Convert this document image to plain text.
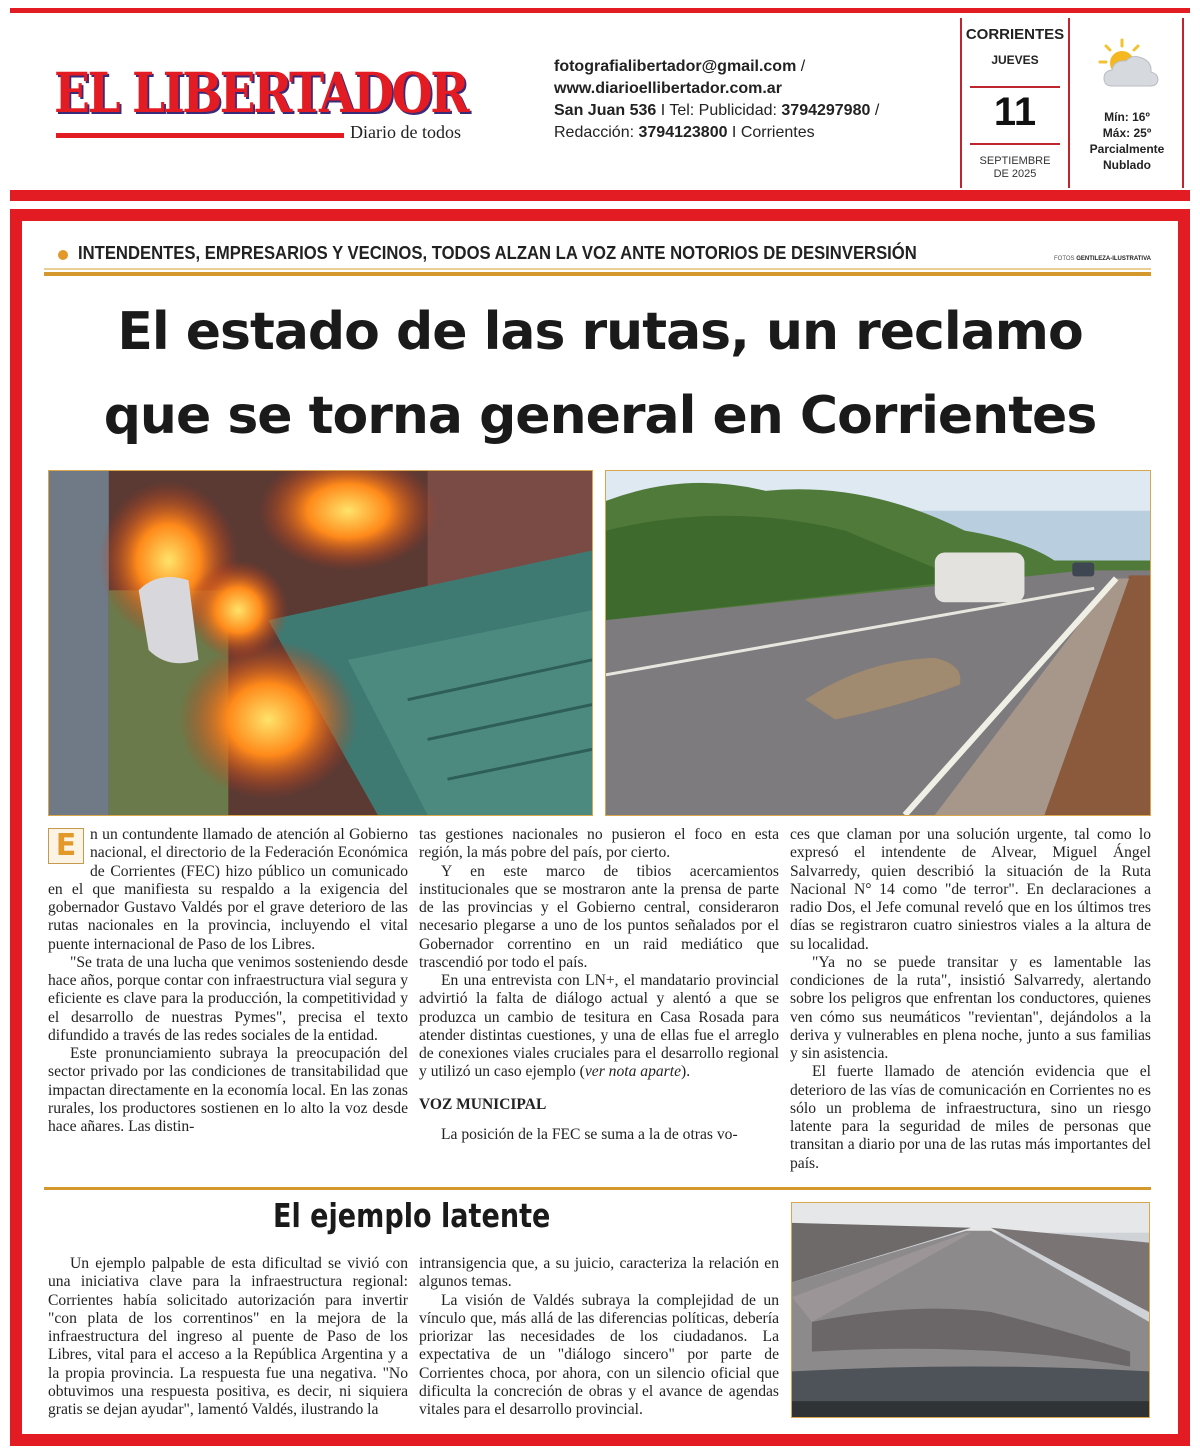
EL LIBERTADOR
Diario de todos
fotografialibertador@gmail.com /
www.diarioellibertador.com.ar
San Juan 536 I Tel: Publicidad: 3794297980 /
Redacción: 3794123800 I Corrientes
CORRIENTES
JUEVES
11
SEPTIEMBRE
DE 2025
Mín: 16º
Máx: 25º
Parcialmente
Nublado
INTENDENTES, EMPRESARIOS Y VECINOS, TODOS ALZAN LA VOZ ANTE NOTORIOS DE DESINVERSIÓN	FOTOS GENTILEZA-ILUSTRATIVA
El estado de las rutas, un reclamo
que se torna general en Corrientes

E n un contundente llamado de atención al Gobierno nacional, el directorio de la Federación Económica de Corrientes (FEC) hizo público un comunicado en el que manifiesta su respaldo a la exigencia del gobernador Gustavo Valdés por el grave deterioro de las rutas nacionales en la provincia, incluyendo el vital puente internacional de Paso de los Libres.

"Se trata de una lucha que venimos sosteniendo desde hace años, porque contar con infraestructura vial segura y eficiente es clave para la producción, la competitividad y el desarrollo de nuestras Pymes", precisa el texto difundido a través de las redes sociales de la entidad.

Este pronunciamiento subraya la preocupación del sector privado por las condiciones de transitabilidad que impactan directamente en la economía local. En las zonas rurales, los productores sostienen en lo alto la voz desde hace añares. Las distin-

tas gestiones nacionales no pusieron el foco en esta región, la más pobre del país, por cierto.

Y en este marco de tibios acercamientos institucionales que se mostraron ante la prensa de parte de las provincias y el Gobierno central, consideraron necesario plegarse a uno de los puntos señalados por el Gobernador correntino en un raid mediático que trascendió por todo el país.

En una entrevista con LN+, el mandatario provincial advirtió la falta de diálogo actual y alentó a que se produzca un cambio de tesitura en Casa Rosada para atender distintas cuestiones, y una de ellas fue el arreglo de conexiones viales cruciales para el desarrollo regional y utilizó un caso ejemplo (ver nota aparte).

VOZ MUNICIPAL

La posición de la FEC se suma a la de otras vo-

ces que claman por una solución urgente, tal como lo expresó el intendente de Alvear, Miguel Ángel Salvarredy, quien describió la situación de la Ruta Nacional N° 14 como "de terror". En declaraciones a radio Dos, el Jefe comunal reveló que en los últimos tres días se registraron cuatro siniestros viales a la altura de su localidad.

"Ya no se puede transitar y es lamentable las condiciones de la ruta", insistió Salvarredy, alertando sobre los peligros que enfrentan los conductores, quienes ven cómo sus neumáticos "revientan", dejándolos a la deriva y vulnerables en plena noche, junto a sus familias y sin asistencia.

El fuerte llamado de atención evidencia que el deterioro de las vías de comunicación en Corrientes no es sólo un problema de infraestructura, sino un riesgo latente para la seguridad de miles de personas que transitan a diario por una de las rutas más importantes del país.

El ejemplo latente

Un ejemplo palpable de esta dificultad se vivió con una iniciativa clave para la infraestructura regional: Corrientes había solicitado autorización para invertir "con plata de los correntinos" en la mejora de la infraestructura del ingreso al puente de Paso de los Libres, vital para el acceso a la República Argentina y a la propia provincia. La respuesta fue una negativa. "No obtuvimos una respuesta positiva, es decir, ni siquiera gratis se dejan ayudar", lamentó Valdés, ilustrando la

intransigencia que, a su juicio, caracteriza la relación en algunos temas.

La visión de Valdés subraya la complejidad de un vínculo que, más allá de las diferencias políticas, debería priorizar las necesidades de los ciudadanos. La expectativa de un "diálogo sincero" por parte de Corrientes choca, por ahora, con un silencio oficial que dificulta la concreción de obras y el avance de agendas vitales para el desarrollo provincial.
